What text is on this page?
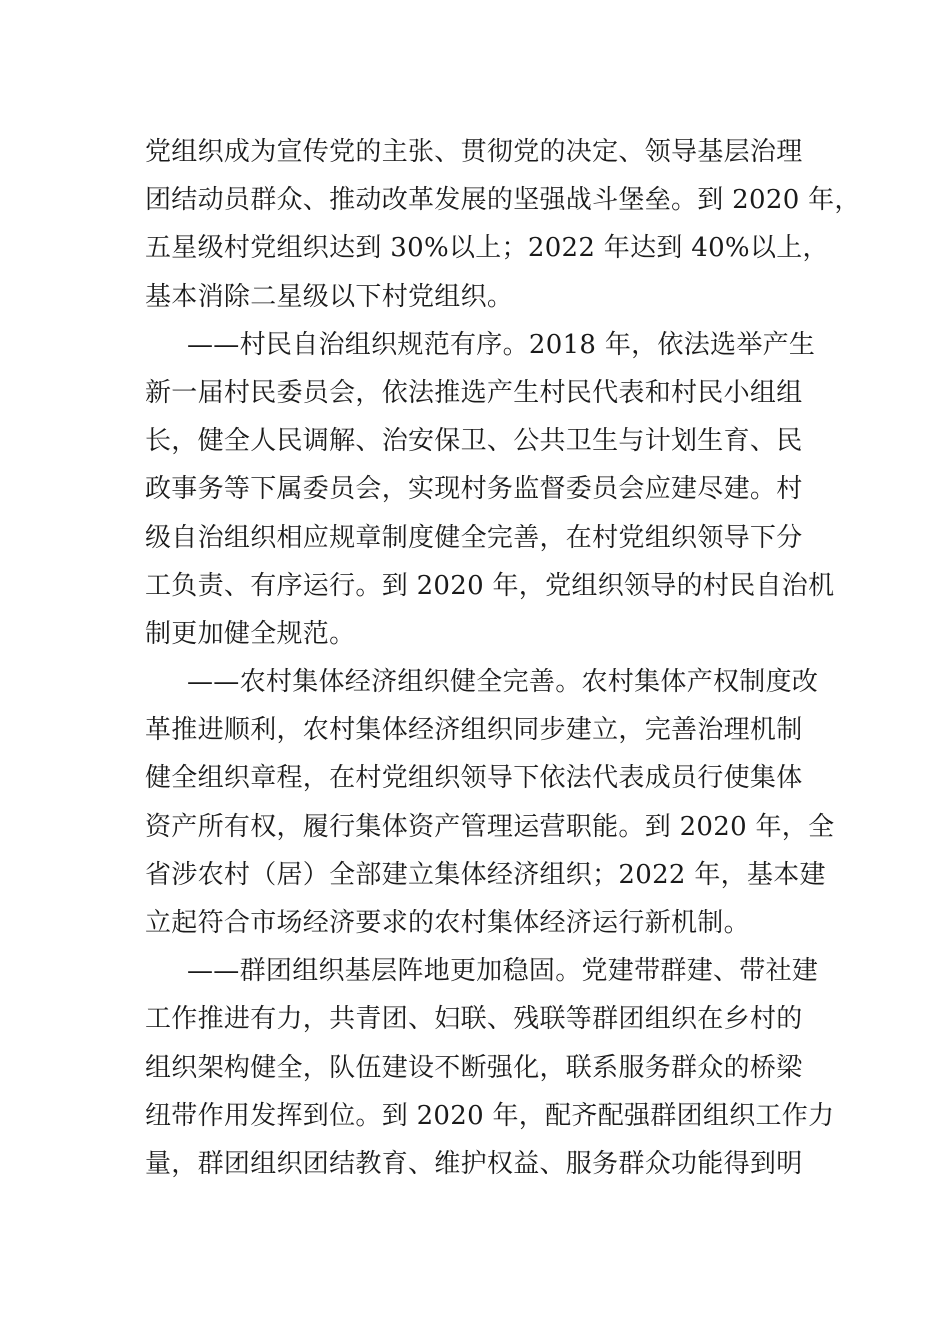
党组织成为宣传党的主张、贯彻党的决定、领导基层治理
团结动员群众、推动改革发展的坚强战斗堡垒。到 2020 年，
五星级村党组织达到 30%以上；2022 年达到 40%以上，
基本消除二星级以下村党组织。
——村民自治组织规范有序。2018 年，依法选举产生
新一届村民委员会，依法推选产生村民代表和村民小组组
长，健全人民调解、治安保卫、公共卫生与计划生育、民
政事务等下属委员会，实现村务监督委员会应建尽建。村
级自治组织相应规章制度健全完善，在村党组织领导下分
工负责、有序运行。到 2020 年，党组织领导的村民自治机
制更加健全规范。
——农村集体经济组织健全完善。农村集体产权制度改
革推进顺利，农村集体经济组织同步建立，完善治理机制
健全组织章程，在村党组织领导下依法代表成员行使集体
资产所有权，履行集体资产管理运营职能。到 2020 年，全
省涉农村（居）全部建立集体经济组织；2022 年，基本建
立起符合市场经济要求的农村集体经济运行新机制。
——群团组织基层阵地更加稳固。党建带群建、带社建
工作推进有力，共青团、妇联、残联等群团组织在乡村的
组织架构健全，队伍建设不断强化，联系服务群众的桥梁
纽带作用发挥到位。到 2020 年，配齐配强群团组织工作力
量，群团组织团结教育、维护权益、服务群众功能得到明
